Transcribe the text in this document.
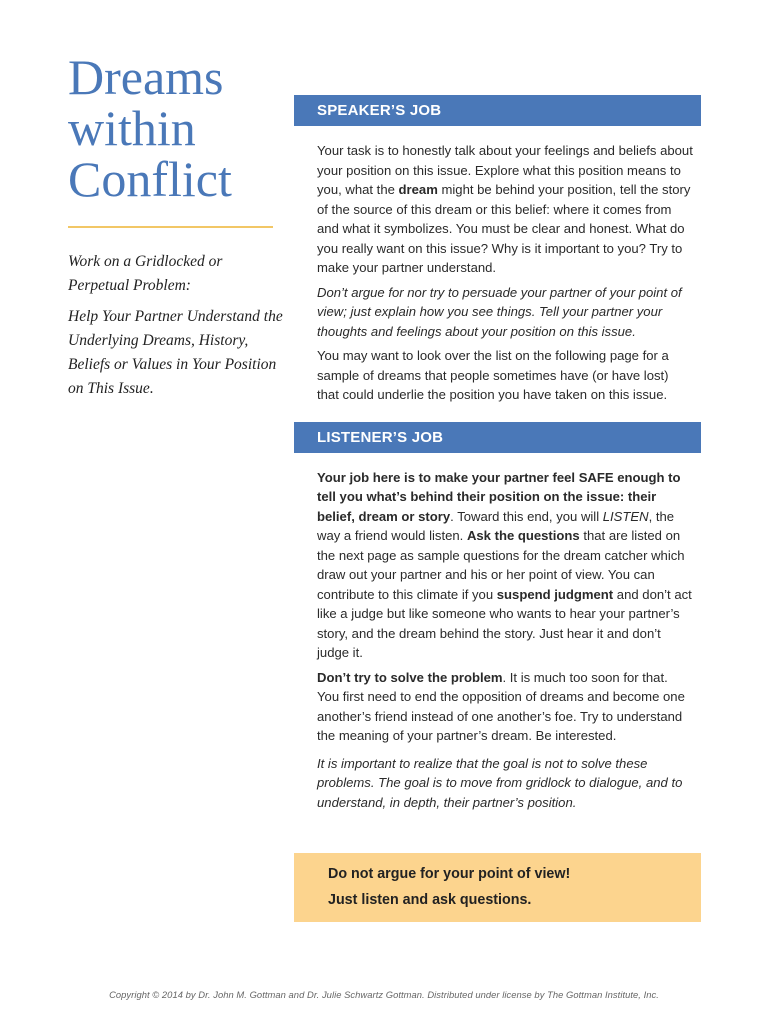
Dreams
within
Conflict

Work on a Gridlocked or Perpetual Problem:

Help Your Partner Understand the Underlying Dreams, History, Beliefs or Values in Your Position on This Issue.

SPEAKER’S JOB

Your task is to honestly talk about your feelings and beliefs about your position on this issue. Explore what this position means to you, what the dream might be behind your position, tell the story of the source of this dream or this belief: where it comes from and what it symbolizes. You must be clear and honest. What do you really want on this issue? Why is it important to you? Try to make your partner understand.

Don’t argue for nor try to persuade your partner of your point of view; just explain how you see things. Tell your partner your thoughts and feelings about your position on this issue.

You may want to look over the list on the following page for a sample of dreams that people sometimes have (or have lost) that could underlie the position you have taken on this issue.

LISTENER’S JOB

Your job here is to make your partner feel SAFE enough to tell you what’s behind their position on the issue: their belief, dream or story. Toward this end, you will LISTEN, the way a friend would listen. Ask the questions that are listed on the next page as sample questions for the dream catcher which draw out your partner and his or her point of view. You can contribute to this climate if you suspend judgment and don’t act like a judge but like someone who wants to hear your partner’s story, and the dream behind the story. Just hear it and don’t judge it.

Don’t try to solve the problem. It is much too soon for that. You first need to end the opposition of dreams and become one another’s friend instead of one another’s foe. Try to understand the meaning of your partner’s dream. Be interested.

It is important to realize that the goal is not to solve these problems. The goal is to move from gridlock to dialogue, and to understand, in depth, their partner’s position.

Do not argue for your point of view!
Just listen and ask questions.
Copyright © 2014 by Dr. John M. Gottman and Dr. Julie Schwartz Gottman. Distributed under license by The Gottman Institute, Inc.
